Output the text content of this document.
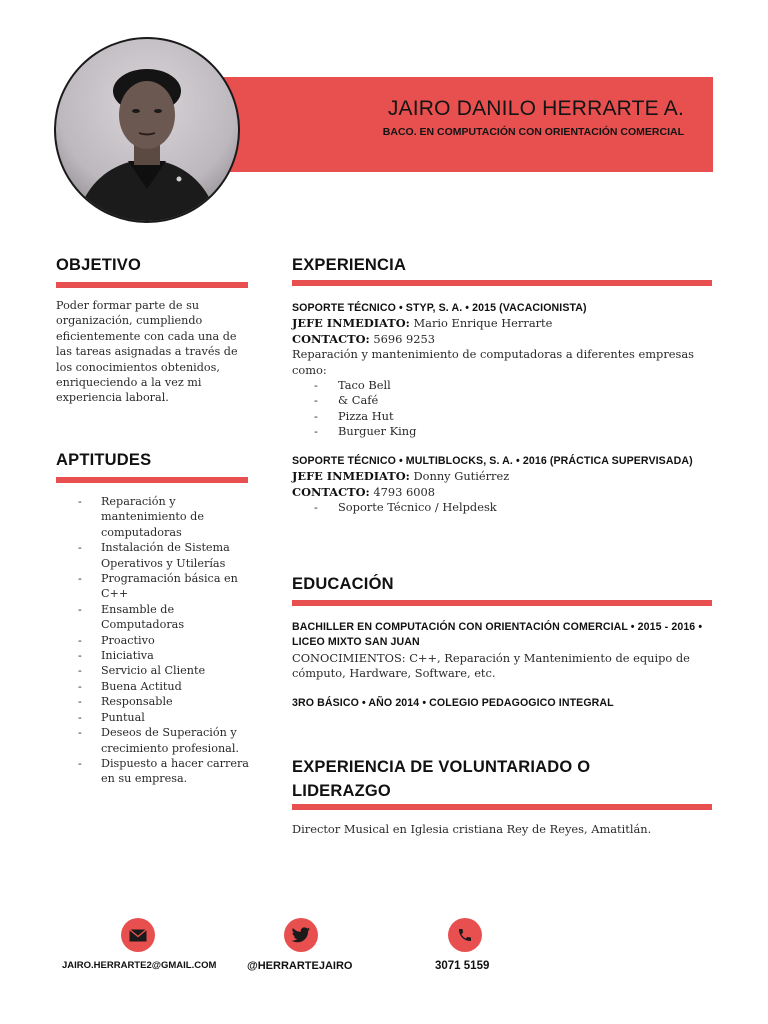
JAIRO DANILO HERRARTE A.
BACO. EN COMPUTACIÓN CON ORIENTACIÓN COMERCIAL
OBJETIVO
Poder formar parte de su organización, cumpliendo eficientemente con cada una de las tareas asignadas a través de los conocimientos obtenidos, enriqueciendo a la vez mi experiencia laboral.
APTITUDES
- Reparación y mantenimiento de computadoras
- Instalación de Sistema Operativos y Utilerías
- Programación básica en C++
- Ensamble de Computadoras
- Proactivo
- Iniciativa
- Servicio al Cliente
- Buena Actitud
- Responsable
- Puntual
- Deseos de Superación y crecimiento profesional.
- Dispuesto a hacer carrera en su empresa.
EXPERIENCIA
SOPORTE TÉCNICO • STYP, S. A. • 2015 (VACACIONISTA)
JEFE INMEDIATO: Mario Enrique Herrarte
CONTACTO: 5696 9253
Reparación y mantenimiento de computadoras a diferentes empresas como:
- Taco Bell
- & Café
- Pizza Hut
- Burguer King
SOPORTE TÉCNICO • MULTIBLOCKS, S. A. • 2016 (PRÁCTICA SUPERVISADA)
JEFE INMEDIATO: Donny Gutiérrez
CONTACTO: 4793 6008
- Soporte Técnico / Helpdesk
EDUCACIÓN
BACHILLER EN COMPUTACIÓN CON ORIENTACIÓN COMERCIAL • 2015 - 2016 • LICEO MIXTO SAN JUAN
CONOCIMIENTOS: C++, Reparación y Mantenimiento de equipo de cómputo, Hardware, Software, etc.
3RO BÁSICO • AÑO 2014 • COLEGIO PEDAGOGICO INTEGRAL
EXPERIENCIA DE VOLUNTARIADO O LIDERAZGO
Director Musical en Iglesia cristiana Rey de Reyes, Amatitlán.
JAIRO.HERRARTE2@GMAIL.COM	@HERRARTEJAIRO	3071 5159
